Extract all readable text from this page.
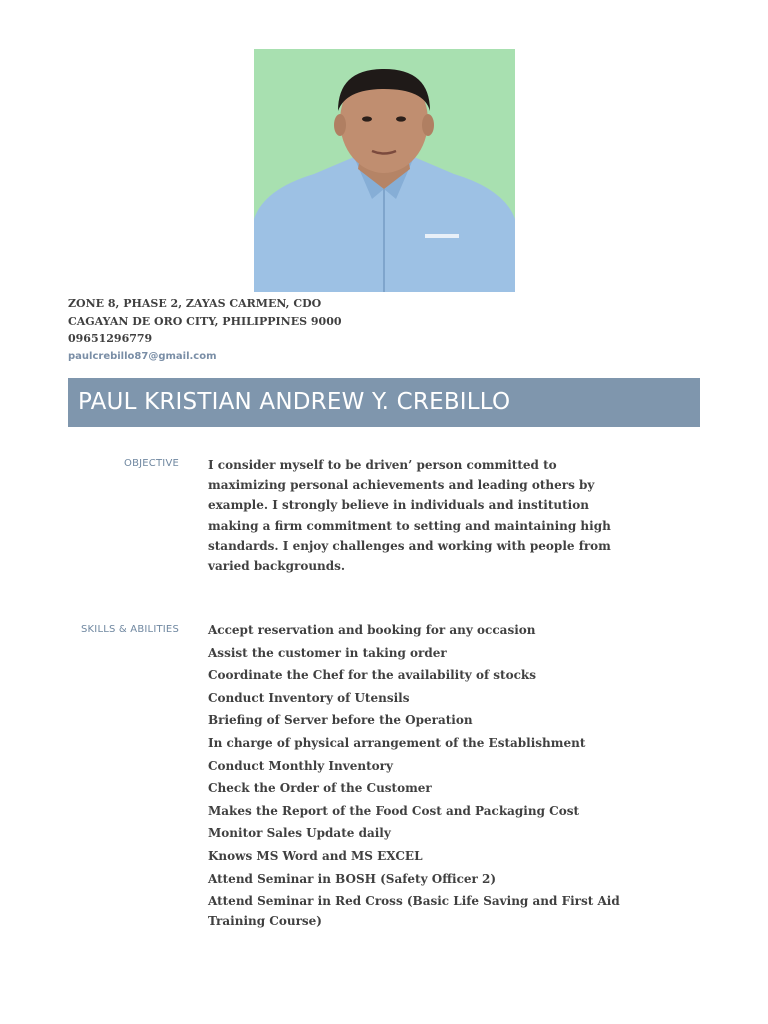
ZONE 8, PHASE 2, ZAYAS CARMEN, CDO
CAGAYAN DE ORO CITY, PHILIPPINES 9000
09651296779
paulcrebillo87@gmail.com
PAUL KRISTIAN ANDREW Y. CREBILLO
OBJECTIVE I consider myself to be driven’ person committed to maximizing personal achievements and leading others by example. I strongly believe in individuals and institution making a firm commitment to setting and maintaining high standards. I enjoy challenges and working with people from varied backgrounds.
SKILLS & ABILITIES Accept reservation and booking for any occasion
Assist the customer in taking order
Coordinate the Chef for the availability of stocks
Conduct Inventory of Utensils
Briefing of Server before the Operation
In charge of physical arrangement of the Establishment
Conduct Monthly Inventory
Check the Order of the Customer
Makes the Report of the Food Cost and Packaging Cost
Monitor Sales Update daily
Knows MS Word and MS EXCEL
Attend Seminar in BOSH (Safety Officer 2)
Attend Seminar in Red Cross (Basic Life Saving and First Aid Training Course)
